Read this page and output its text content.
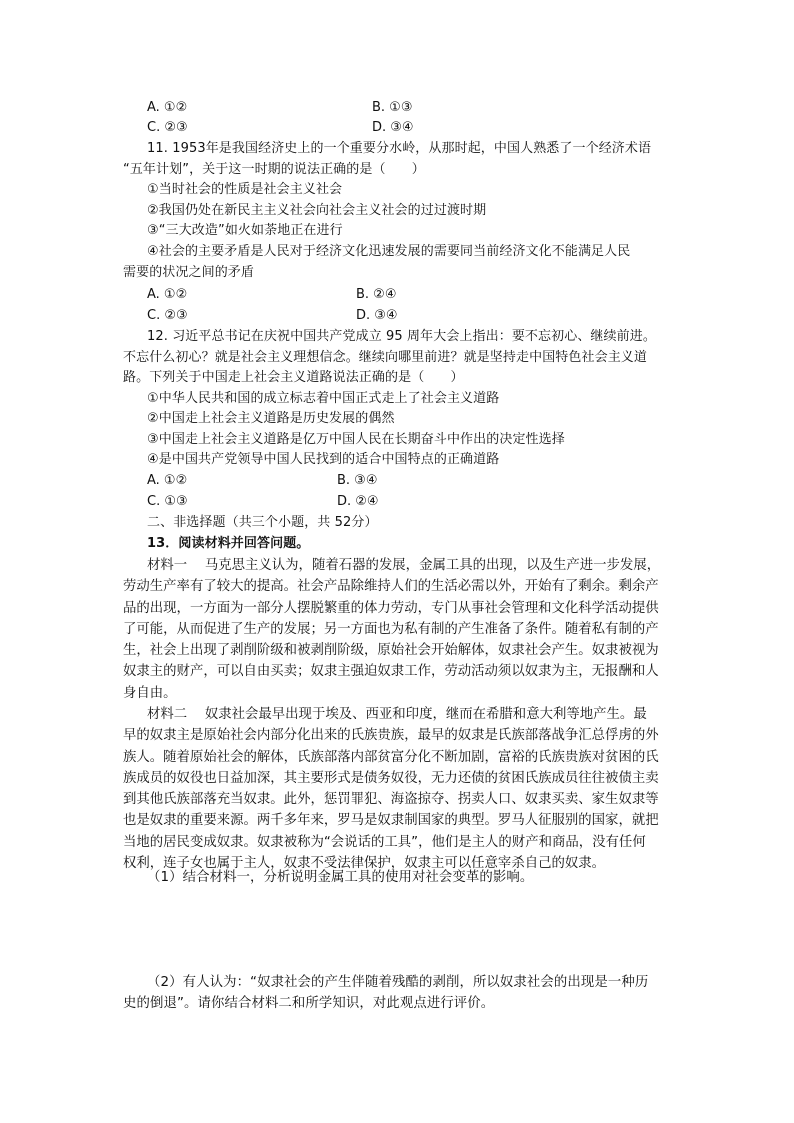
A. ①②	B. ①③
C. ②③	D. ③④
11. 1953年是我国经济史上的一个重要分水岭，从那时起，中国人熟悉了一个经济术语
“五年计划”，关于这一时期的说法正确的是（　　）
①当时社会的性质是社会主义社会
②我国仍处在新民主主义社会向社会主义社会的过过渡时期
③“三大改造”如火如荼地正在进行
④社会的主要矛盾是人民对于经济文化迅速发展的需要同当前经济文化不能满足人民
需要的状况之间的矛盾
A. ①②	B. ②④
C. ②③	D. ③④
12. 习近平总书记在庆祝中国共产党成立 95 周年大会上指出：要不忘初心、继续前进。
不忘什么初心？就是社会主义理想信念。继续向哪里前进？就是坚持走中国特色社会主义道
路。下列关于中国走上社会主义道路说法正确的是（　　）
①中华人民共和国的成立标志着中国正式走上了社会主义道路
②中国走上社会主义道路是历史发展的偶然
③中国走上社会主义道路是亿万中国人民在长期奋斗中作出的决定性选择
④是中国共产党领导中国人民找到的适合中国特点的正确道路
A. ①②	B. ③④
C. ①③	D. ②④
二、非选择题（共三个小题，共 52分）
13．阅读材料并回答问题。
材料一　 马克思主义认为，随着石器的发展，金属工具的出现，以及生产进一步发展，
劳动生产率有了较大的提高。社会产品除维持人们的生活必需以外，开始有了剩余。剩余产
品的出现，一方面为一部分人摆脱繁重的体力劳动，专门从事社会管理和文化科学活动提供
了可能，从而促进了生产的发展；另一方面也为私有制的产生准备了条件。随着私有制的产
生，社会上出现了剥削阶级和被剥削阶级，原始社会开始解体，奴隶社会产生。奴隶被视为
奴隶主的财产，可以自由买卖；奴隶主强迫奴隶工作，劳动活动须以奴隶为主，无报酬和人
身自由。
材料二　 奴隶社会最早出现于埃及、西亚和印度，继而在希腊和意大利等地产生。最
早的奴隶主是原始社会内部分化出来的氏族贵族，最早的奴隶是氏族部落战争汇总俘虏的外
族人。随着原始社会的解体，氏族部落内部贫富分化不断加剧，富裕的氏族贵族对贫困的氏
族成员的奴役也日益加深，其主要形式是债务奴役，无力还债的贫困氏族成员往往被债主卖
到其他氏族部落充当奴隶。此外，惩罚罪犯、海盗掠夺、拐卖人口、奴隶买卖、家生奴隶等
也是奴隶的重要来源。两千多年来，罗马是奴隶制国家的典型。罗马人征服别的国家，就把
当地的居民变成奴隶。奴隶被称为“会说话的工具”，他们是主人的财产和商品，没有任何
权利，连子女也属于主人，奴隶不受法律保护，奴隶主可以任意宰杀自己的奴隶。
（1）结合材料一，分析说明金属工具的使用对社会变革的影响。
（2）有人认为：“奴隶社会的产生伴随着残酷的剥削，所以奴隶社会的出现是一种历
史的倒退”。请你结合材料二和所学知识，对此观点进行评价。
